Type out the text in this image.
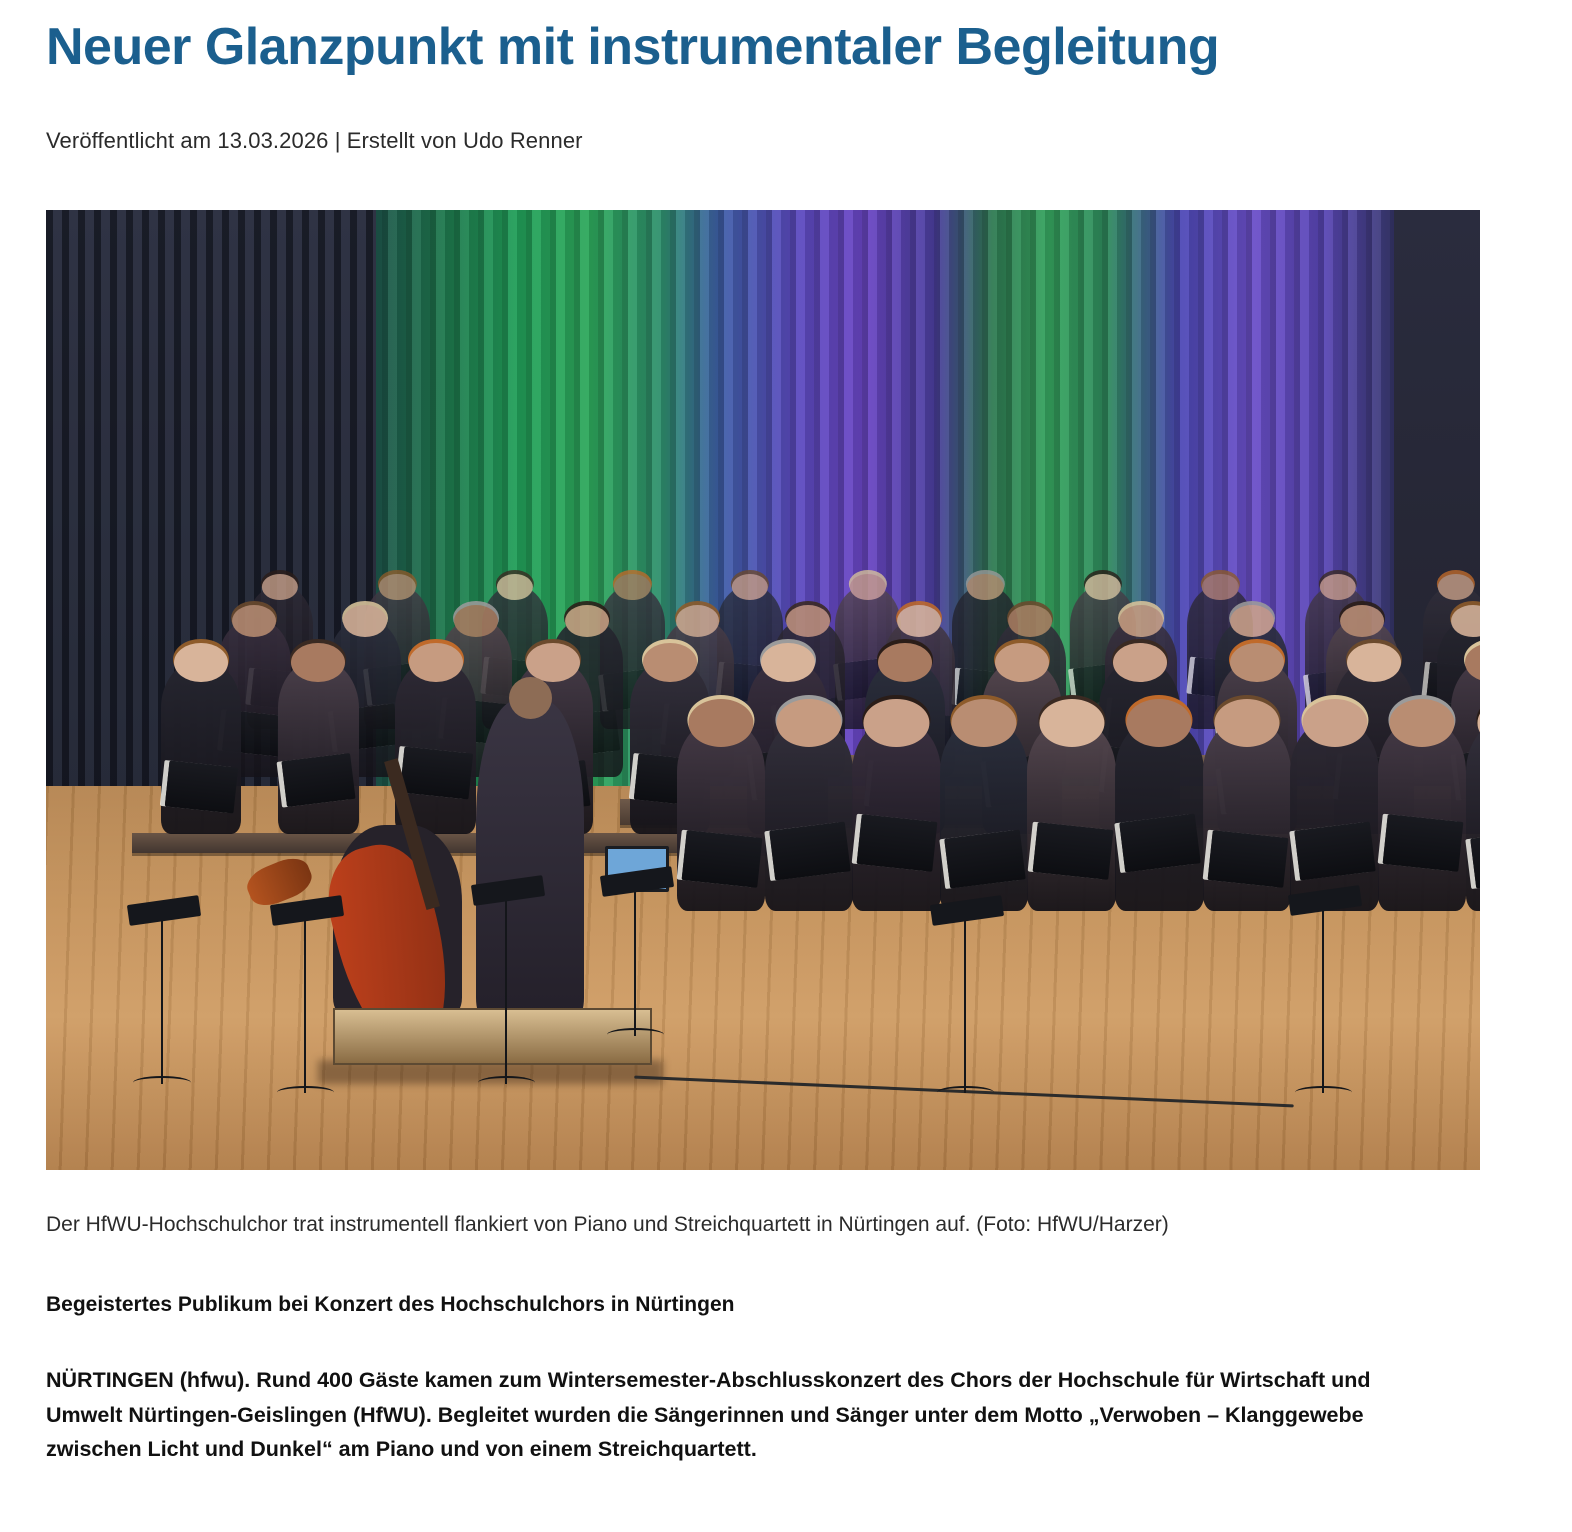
Neuer Glanzpunkt mit instrumentaler Begleitung
Veröffentlicht am 13.03.2026 | Erstellt von Udo Renner
Der HfWU-Hochschulchor trat instrumentell flankiert von Piano und Streichquartett in Nürtingen auf. (Foto: HfWU/Harzer)

Begeistertes Publikum bei Konzert des Hochschulchors in Nürtingen

NÜRTINGEN (hfwu). Rund 400 Gäste kamen zum Wintersemester-Abschlusskonzert des Chors der Hochschule für Wirtschaft und Umwelt Nürtingen-Geislingen (HfWU). Begleitet wurden die Sängerinnen und Sänger unter dem Motto „Verwoben – Klanggewebe zwischen Licht und Dunkel“ am Piano und von einem Streichquartett.
